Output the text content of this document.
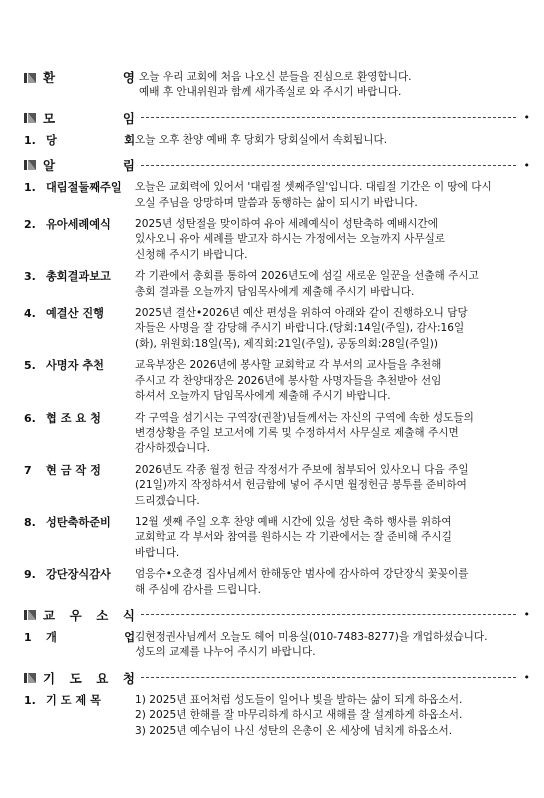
환	영 오늘 우리 교회에 처음 나오신 분들을 진심으로 환영합니다.
예배 후 안내위원과 함께 새가족실로 와 주시기 바랍니다.
모	임	•
1. 당	회 오늘 오후 찬양 예배 후 당회가 당회실에서 속회됩니다.
알	림	•
1. 대림절둘째주일	오늘은 교회력에 있어서 '대림절 셋째주일'입니다. 대림절 기간은 이 땅에 다시
오실 주님을 앙망하며 말씀과 동행하는 삶이 되시기 바랍니다.
2. 유아세례예식	2025년 성탄절을 맞이하여 유아 세례예식이 성탄축하 예배시간에
있사오니 유아 세례를 받고자 하시는 가정에서는 오늘까지 사무실로
신청해 주시기 바랍니다.
3. 총회결과보고	각 기관에서 총회를 통하여 2026년도에 섬길 새로운 일꾼을 선출해 주시고
총회 결과를 오늘까지 담임목사에게 제출해 주시기 바랍니다.
4. 예결산 진행	2025년 결산•2026년 예산 편성을 위하여 아래와 같이 진행하오니 담당
자들은 사명을 잘 감당해 주시기 바랍니다.(당회:14일(주일), 감사:16일
(화), 위원회:18일(목), 제직회:21일(주일), 공동의회:28일(주일))
5. 사명자 추천	교육부장은 2026년에 봉사할 교회학교 각 부서의 교사들을 추천해
주시고 각 찬양대장은 2026년에 봉사할 사명자들을 추천받아 선임
하셔서 오늘까지 담임목사에게 제출해 주시기 바랍니다.
6. 협 조 요 청	각 구역을 섬기시는 구역장(권찰)님들께서는 자신의 구역에 속한 성도들의
변경상황을 주일 보고서에 기록 및 수정하셔서 사무실로 제출해 주시면
감사하겠습니다.
7	현 금 작 정	2026년도 각종 월정 헌금 작정서가 주보에 첨부되어 있사오니 다음 주일
(21일)까지 작정하셔서 헌금함에 넣어 주시면 월정헌금 봉투를 준비하여
드리겠습니다.
8. 성탄축하준비	12월 셋째 주일 오후 찬양 예배 시간에 있을 성탄 축하 행사를 위하여
교회학교 각 부서와 참여를 원하시는 각 기관에서는 잘 준비해 주시길
바랍니다.
9. 강단장식감사	엄응수•오춘경 집사님께서 한해동안 범사에 감사하여 강단장식 꽃꽂이를
해 주심에 감사를 드립니다.
교 우 소 식	•
1	개	업 김현정권사님께서 오늘도 헤어 미용실(010-7483-8277)을 개업하셨습니다.
성도의 교제를 나누어 주시기 바랍니다.
기 도 요 청	•
1. 기 도 제 목	1) 2025년 표어처럼 성도들이 일어나 빛을 발하는 삶이 되게 하옵소서.
2) 2025년 한해를 잘 마무리하게 하시고 새해를 잘 설계하게 하옵소서.
3) 2025년 예수님이 나신 성탄의 은총이 온 세상에 넘치게 하옵소서.
